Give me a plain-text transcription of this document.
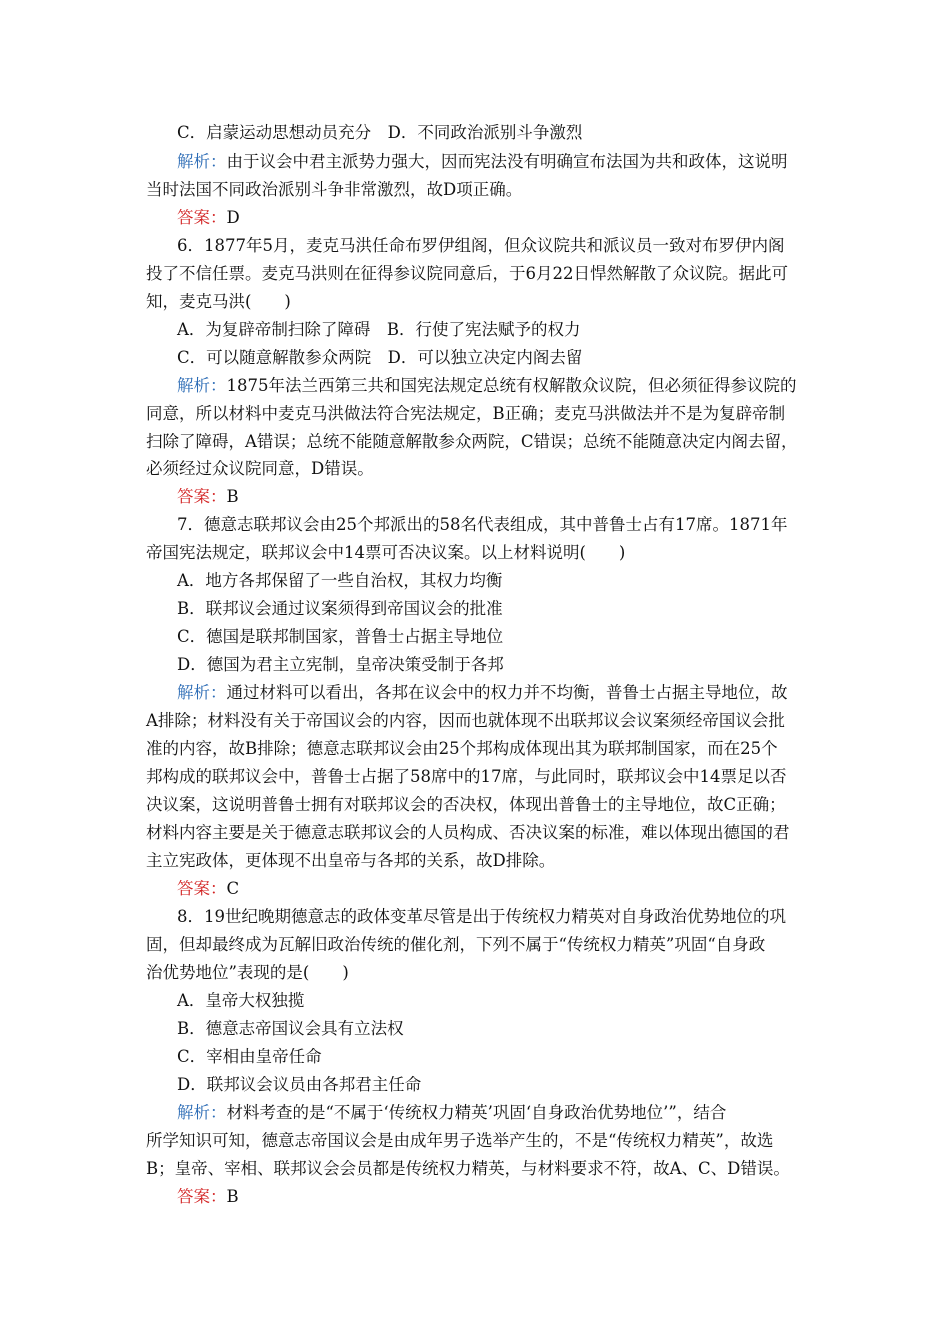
C．启蒙运动思想动员充分　D．不同政治派别斗争激烈
解析：由于议会中君主派势力强大，因而宪法没有明确宣布法国为共和政体，这说明
当时法国不同政治派别斗争非常激烈，故D项正确。
答案：D
6．1877年5月，麦克马洪任命布罗伊组阁，但众议院共和派议员一致对布罗伊内阁
投了不信任票。麦克马洪则在征得参议院同意后，于6月22日悍然解散了众议院。据此可
知，麦克马洪(　　)
A．为复辟帝制扫除了障碍　B．行使了宪法赋予的权力
C．可以随意解散参众两院　D．可以独立决定内阁去留
解析：1875年法兰西第三共和国宪法规定总统有权解散众议院，但必须征得参议院的
同意，所以材料中麦克马洪做法符合宪法规定，B正确；麦克马洪做法并不是为复辟帝制
扫除了障碍，A错误；总统不能随意解散参众两院，C错误；总统不能随意决定内阁去留，
必须经过众议院同意，D错误。
答案：B
7．德意志联邦议会由25个邦派出的58名代表组成，其中普鲁士占有17席。1871年
帝国宪法规定，联邦议会中14票可否决议案。以上材料说明(　　)
A．地方各邦保留了一些自治权，其权力均衡
B．联邦议会通过议案须得到帝国议会的批准
C．德国是联邦制国家，普鲁士占据主导地位
D．德国为君主立宪制，皇帝决策受制于各邦
解析：通过材料可以看出，各邦在议会中的权力并不均衡，普鲁士占据主导地位，故
A排除；材料没有关于帝国议会的内容，因而也就体现不出联邦议会议案须经帝国议会批
准的内容，故B排除；德意志联邦议会由25个邦构成体现出其为联邦制国家，而在25个
邦构成的联邦议会中，普鲁士占据了58席中的17席，与此同时，联邦议会中14票足以否
决议案，这说明普鲁士拥有对联邦议会的否决权，体现出普鲁士的主导地位，故C正确；
材料内容主要是关于德意志联邦议会的人员构成、否决议案的标准，难以体现出德国的君
主立宪政体，更体现不出皇帝与各邦的关系，故D排除。
答案：C
8．19世纪晚期德意志的政体变革尽管是出于传统权力精英对自身政治优势地位的巩
固，但却最终成为瓦解旧政治传统的催化剂，下列不属于“传统权力精英”巩固“自身政
治优势地位”表现的是(　　)
A．皇帝大权独揽
B．德意志帝国议会具有立法权
C．宰相由皇帝任命
D．联邦议会议员由各邦君主任命
解析：材料考查的是“不属于‘传统权力精英’巩固‘自身政治优势地位’”，结合
所学知识可知，德意志帝国议会是由成年男子选举产生的，不是“传统权力精英”，故选
B；皇帝、宰相、联邦议会会员都是传统权力精英，与材料要求不符，故A、C、D错误。
答案：B
